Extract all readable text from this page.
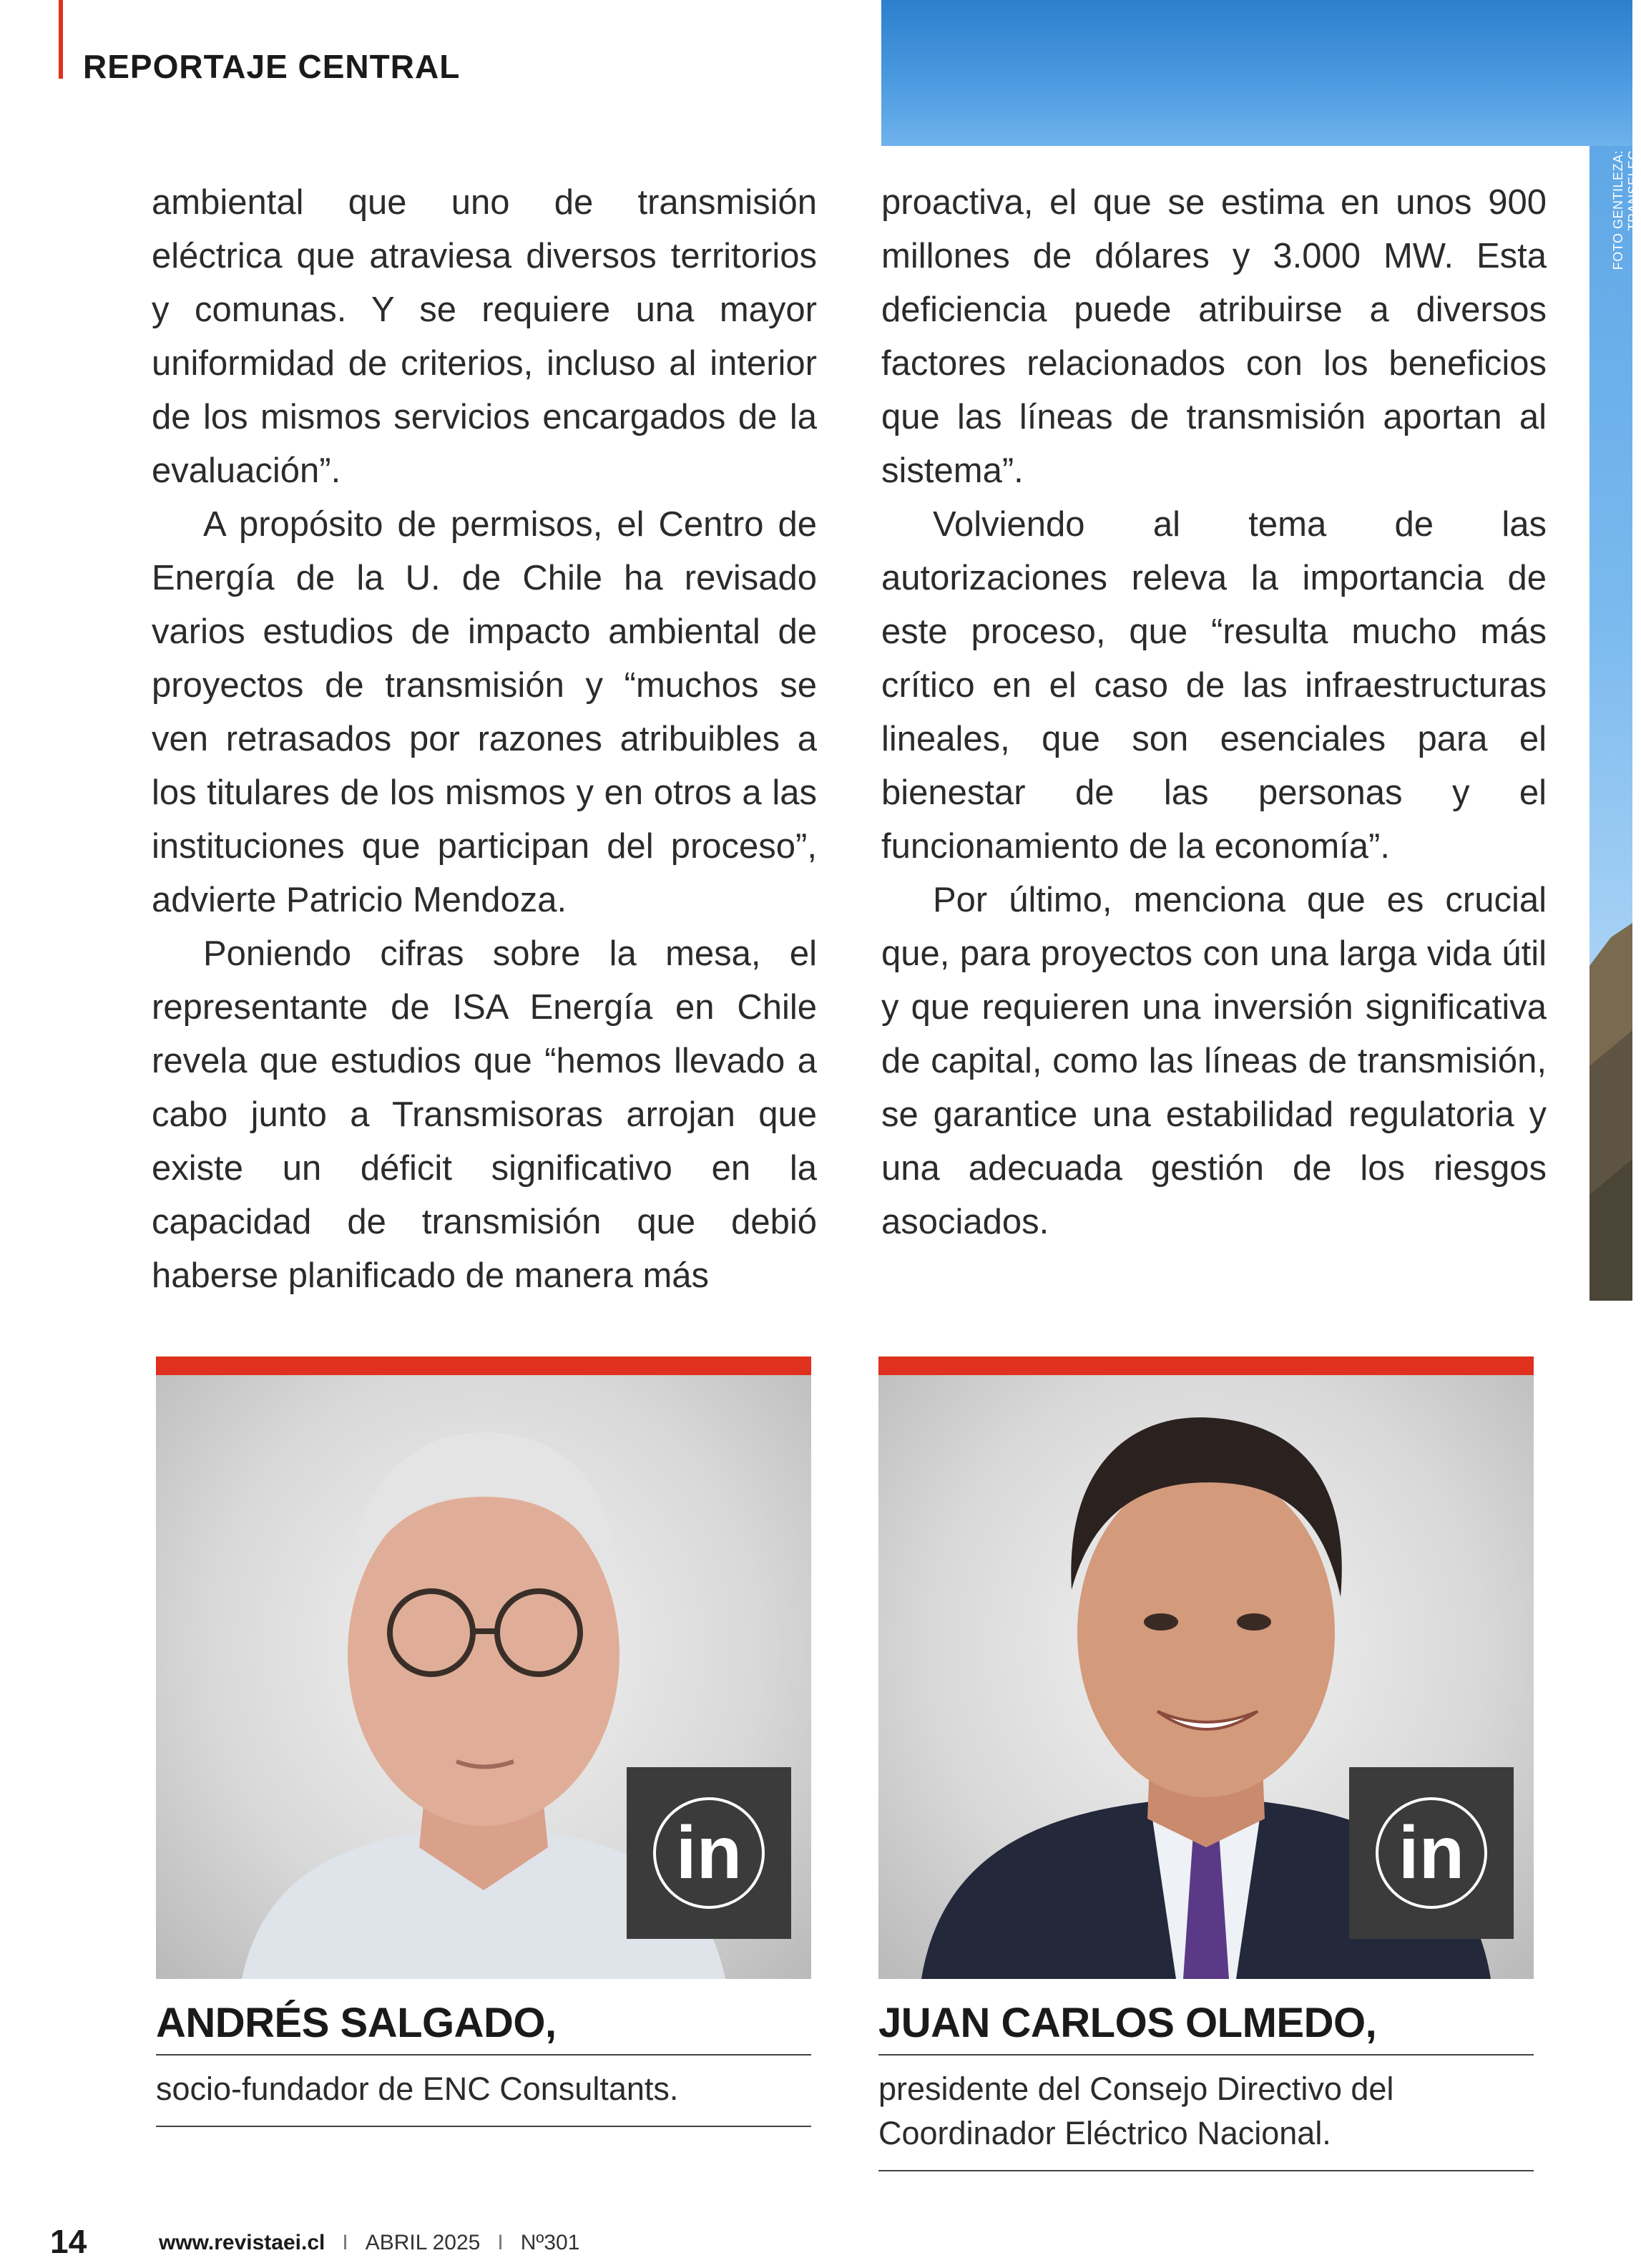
REPORTAJE CENTRAL
FOTO GENTILEZA: TRANSELEC

ambiental que uno de transmisión eléctrica que atraviesa diversos territorios y comunas. Y se requiere una mayor uniformidad de criterios, incluso al interior de los mismos servicios encargados de la evaluación”.

A propósito de permisos, el Centro de Energía de la U. de Chile ha revisado varios estudios de impacto ambiental de proyectos de transmisión y “muchos se ven retrasados por razones atribuibles a los titulares de los mismos y en otros a las instituciones que participan del proceso”, advierte Patricio Mendoza.

Poniendo cifras sobre la mesa, el representante de ISA Energía en Chile revela que estudios que “hemos llevado a cabo junto a Transmisoras arrojan que existe un déficit significativo en la capacidad de transmisión que debió haberse planificado de manera más

proactiva, el que se estima en unos 900 millones de dólares y 3.000 MW. Esta deficiencia puede atribuirse a diversos factores relacionados con los beneficios que las líneas de transmisión aportan al sistema”.

Volviendo al tema de las autorizaciones releva la importancia de este proceso, que “resulta mucho más crítico en el caso de las infraestructuras lineales, que son esenciales para el bienestar de las personas y el funcionamiento de la economía”.

Por último, menciona que es crucial que, para proyectos con una larga vida útil y que requieren una inversión significativa de capital, como las líneas de transmisión, se garantice una estabilidad regulatoria y una adecuada gestión de los riesgos asociados.

in
ANDRÉS SALGADO,
socio-fundador de ENC Consultants.
in
JUAN CARLOS OLMEDO,
presidente del Consejo Directivo del Coordinador Eléctrico Nacional.
14	www.revistaei.cl I ABRIL 2025 I Nº301
